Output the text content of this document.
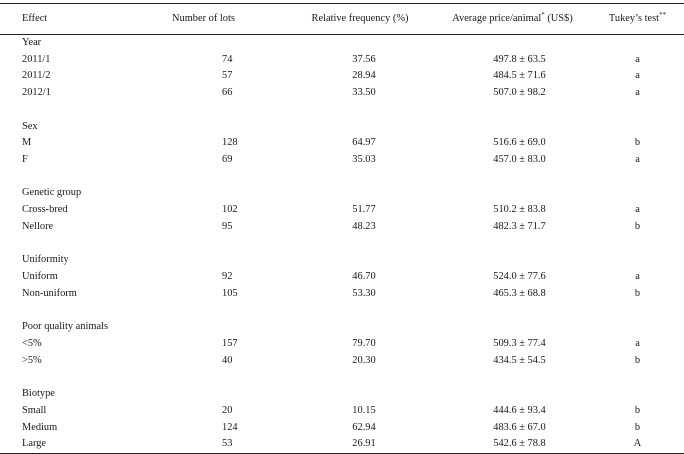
Effect	Number of lots	Relative frequency (%)	Average price/animal* (US$)	Tukey’s test**
Year				
2011/1	74	37.56	497.8 ± 63.5	a
2011/2	57	28.94	484.5 ± 71.6	a
2012/1	66	33.50	507.0 ± 98.2	a

Sex				
M	128	64.97	516.6 ± 69.0	b
F	69	35.03	457.0 ± 83.0	a

Genetic group				
Cross-bred	102	51.77	510.2 ± 83.8	a
Nellore	95	48.23	482.3 ± 71.7	b

Uniformity				
Uniform	92	46.70	524.0 ± 77.6	a
Non-uniform	105	53.30	465.3 ± 68.8	b

Poor quality animals				
<5%	157	79.70	509.3 ± 77.4	a
>5%	40	20.30	434.5 ± 54.5	b

Biotype				
Small	20	10.15	444.6 ± 93.4	b
Medium	124	62.94	483.6 ± 67.0	b
Large	53	26.91	542.6 ± 78.8	A
